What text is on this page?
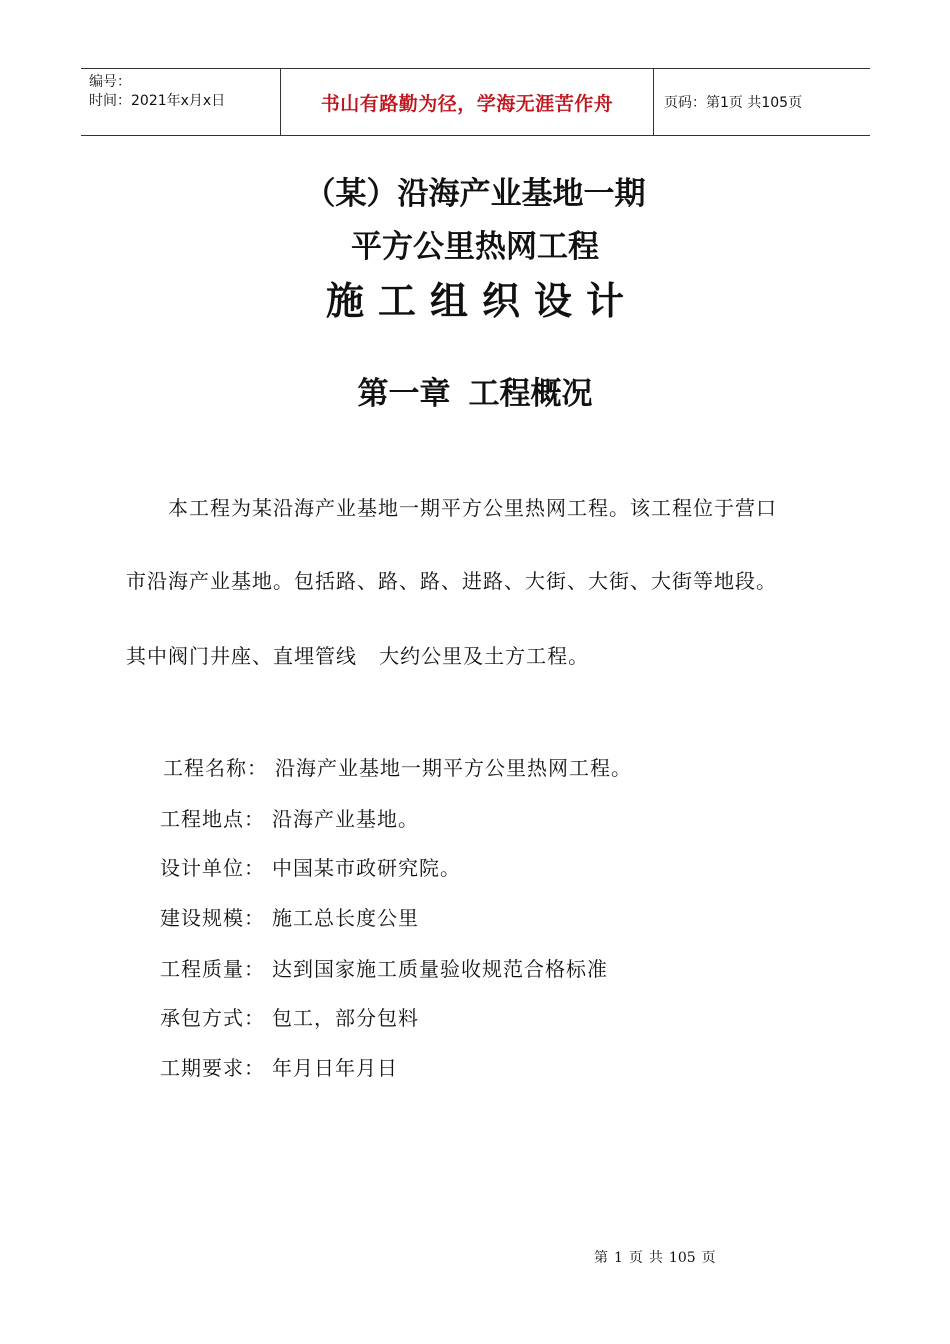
编号：
时间：2021年x月x日	书山有路勤为径，学海无涯苦作舟	页码：第1页 共105页
（某）沿海产业基地一期
平方公里热网工程
施工组织设计
第一章 工程概况
本工程为某沿海产业基地一期平方公里热网工程。该工程位于营口
市沿海产业基地。包括路、路、路、进路、大街、大街、大街等地段。
其中阀门井座、直埋管线   大约公里及土方工程。
工程名称： 沿海产业基地一期平方公里热网工程。
工程地点： 沿海产业基地。
设计单位： 中国某市政研究院。
建设规模： 施工总长度公里
工程质量： 达到国家施工质量验收规范合格标准
承包方式： 包工，部分包料
工期要求： 年月日年月日
第 1 页 共 105 页
